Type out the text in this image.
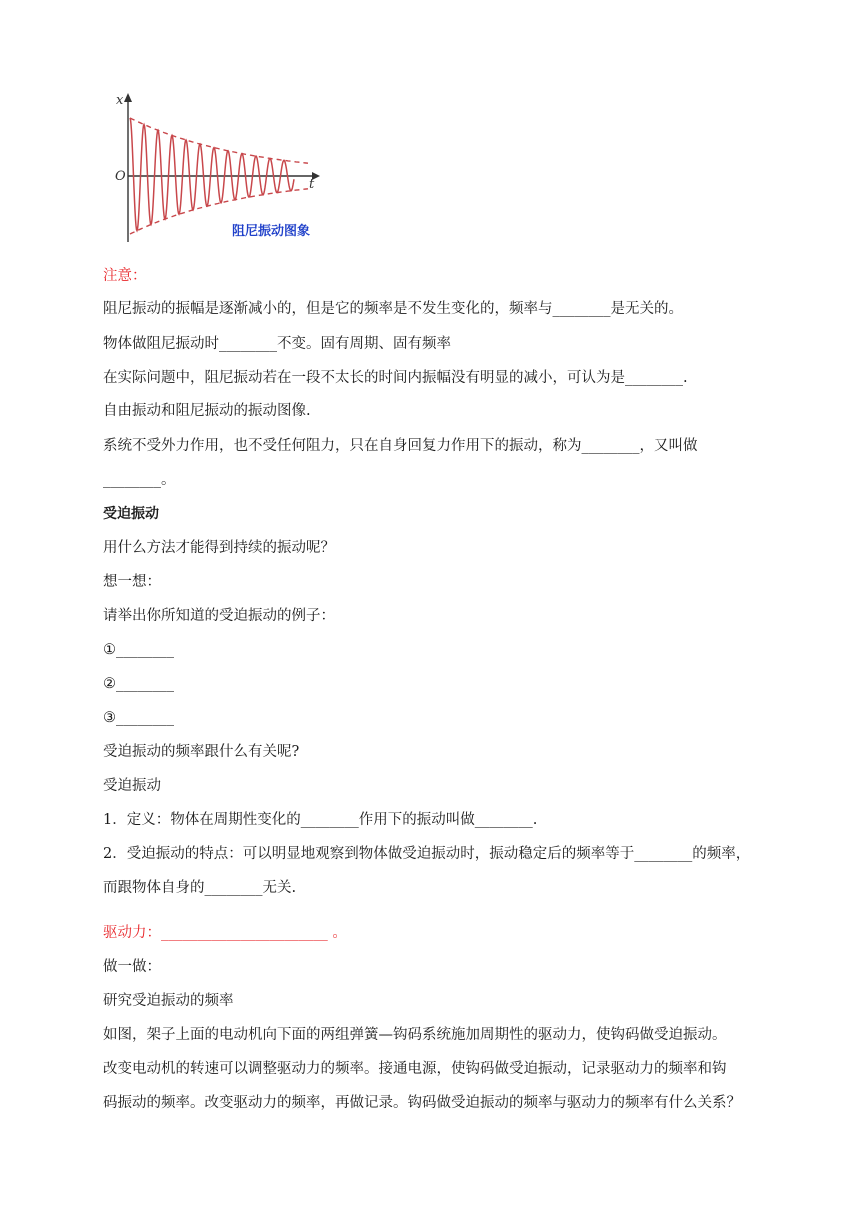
x
t
O
阻尼振动图象
注意：
阻尼振动的振幅是逐渐减小的，但是它的频率是不发生变化的，频率与________是无关的。
物体做阻尼振动时________不变。固有周期、固有频率
在实际问题中，阻尼振动若在一段不太长的时间内振幅没有明显的减小，可认为是________.
自由振动和阻尼振动的振动图像.
系统不受外力作用，也不受任何阻力，只在自身回复力作用下的振动，称为________，又叫做
________。
受迫振动
用什么方法才能得到持续的振动呢？
想一想：
请举出你所知道的受迫振动的例子：
①________
②________
③________
受迫振动的频率跟什么有关呢?
受迫振动
1．定义：物体在周期性变化的________作用下的振动叫做________.
2．受迫振动的特点：可以明显地观察到物体做受迫振动时，振动稳定后的频率等于________的频率，
而跟物体自身的________无关.
驱动力：_______________________ 。
做一做：
研究受迫振动的频率
如图，架子上面的电动机向下面的两组弹簧—钩码系统施加周期性的驱动力，使钩码做受迫振动。
改变电动机的转速可以调整驱动力的频率。接通电源，使钩码做受迫振动，记录驱动力的频率和钩
码振动的频率。改变驱动力的频率，再做记录。钩码做受迫振动的频率与驱动力的频率有什么关系？
